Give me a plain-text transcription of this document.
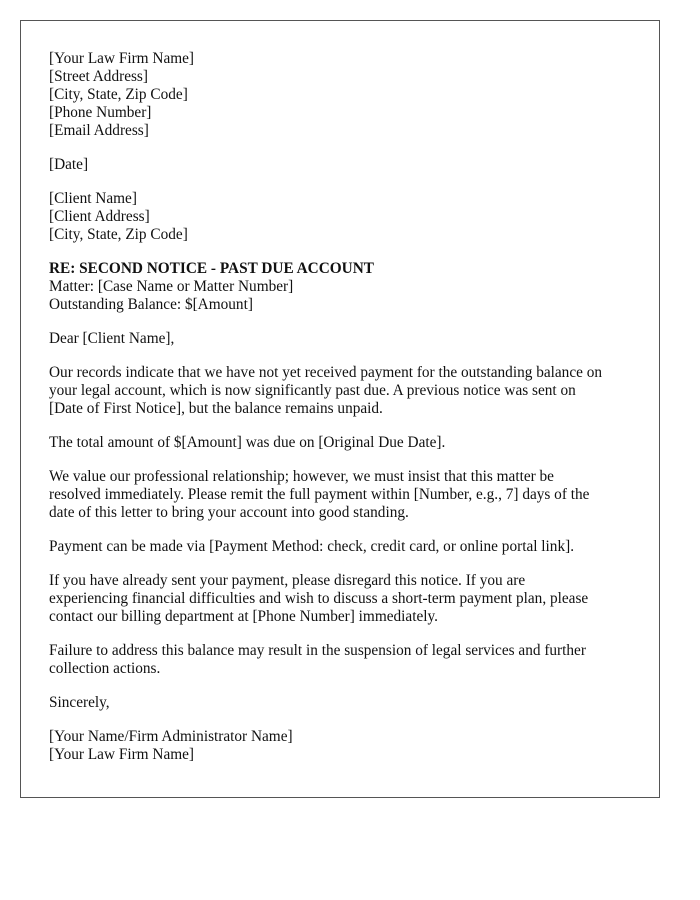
[Your Law Firm Name]
[Street Address]
[City, State, Zip Code]
[Phone Number]
[Email Address]
[Date]
[Client Name]
[Client Address]
[City, State, Zip Code]
RE: SECOND NOTICE - PAST DUE ACCOUNT
Matter: [Case Name or Matter Number]
Outstanding Balance: $[Amount]
Dear [Client Name],
Our records indicate that we have not yet received payment for the outstanding balance on
your legal account, which is now significantly past due. A previous notice was sent on
[Date of First Notice], but the balance remains unpaid.
The total amount of $[Amount] was due on [Original Due Date].
We value our professional relationship; however, we must insist that this matter be
resolved immediately. Please remit the full payment within [Number, e.g., 7] days of the
date of this letter to bring your account into good standing.
Payment can be made via [Payment Method: check, credit card, or online portal link].
If you have already sent your payment, please disregard this notice. If you are
experiencing financial difficulties and wish to discuss a short-term payment plan, please
contact our billing department at [Phone Number] immediately.
Failure to address this balance may result in the suspension of legal services and further
collection actions.
Sincerely,
[Your Name/Firm Administrator Name]
[Your Law Firm Name]
